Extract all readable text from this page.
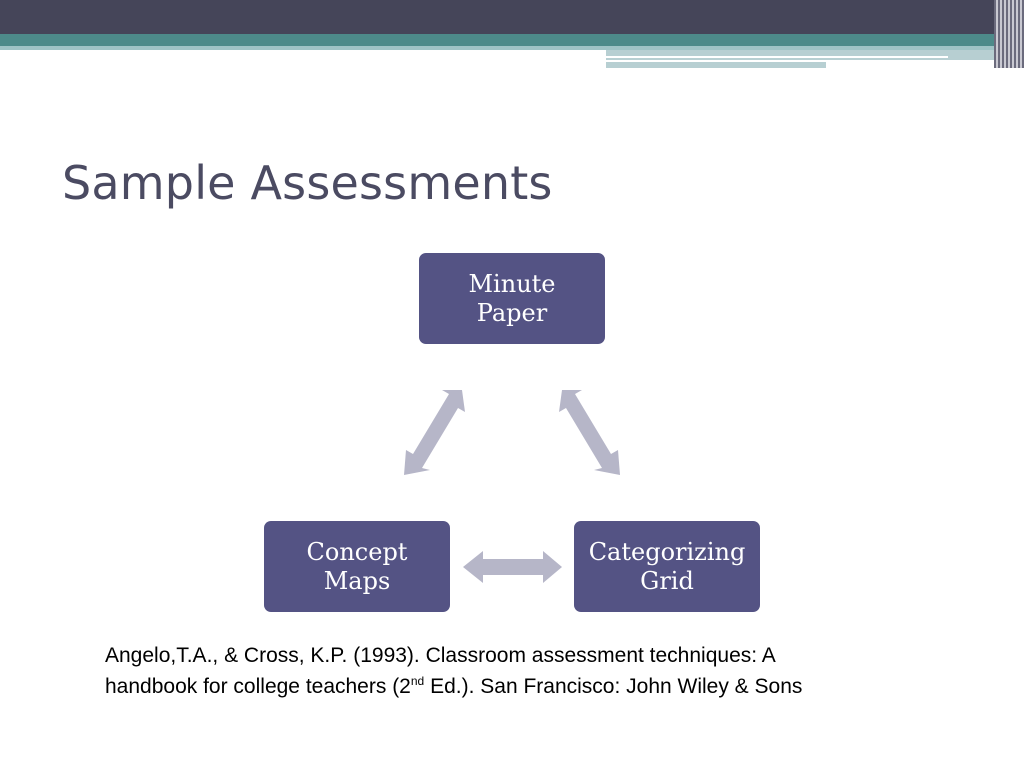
Sample Assessments
Minute
Paper
Concept
Maps
Categorizing
Grid
Angelo,T.A., & Cross, K.P. (1993). Classroom assessment techniques: A handbook for college teachers (2nd Ed.). San Francisco: John Wiley & Sons
